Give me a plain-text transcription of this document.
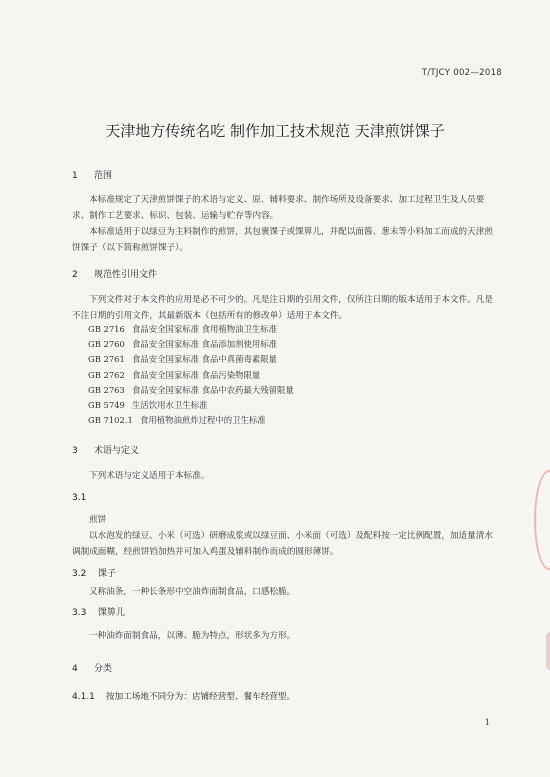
T/TJCY 002—2018
天津地方传统名吃 制作加工技术规范 天津煎饼馃子
1 范围
本标准规定了天津煎饼馃子的术语与定义、原、辅料要求、制作场所及设备要求、加工过程卫生及人员要求、制作工艺要求、标识、包装、运输与贮存等内容。
本标准适用于以绿豆为主料制作的煎饼，其包裹馃子或馃箅儿，并配以面酱、葱末等小料加工而成的天津煎饼馃子（以下简称煎饼馃子）。
2 规范性引用文件
下列文件对于本文件的应用是必不可少的。凡是注日期的引用文件，仅所注日期的版本适用于本文件。凡是不注日期的引用文件，其最新版本（包括所有的修改单）适用于本文件。
GB 2716 食品安全国家标准 食用植物油卫生标准
GB 2760 食品安全国家标准 食品添加剂使用标准
GB 2761 食品安全国家标准 食品中真菌毒素限量
GB 2762 食品安全国家标准 食品污染物限量
GB 2763 食品安全国家标准 食品中农药最大残留限量
GB 5749 生活饮用水卫生标准
GB 7102.1 食用植物油煎炸过程中的卫生标准
3 术语与定义
下列术语与定义适用于本标准。
3.1
煎饼
以水泡发的绿豆、小米（可选）研磨成浆或以绿豆面、小米面（可选）及配料按一定比例配置，加适量清水调制成面糊，经煎饼铛加热并可加入鸡蛋及辅料制作而成的圆形薄饼。
3.2 馃子
又称油条，一种长条形中空油炸面制食品，口感松脆。
3.3 馃箅儿
一种油炸面制食品，以薄、脆为特点，形状多为方形。
4 分类
4.1.1 按加工场地不同分为：店铺经营型、餐车经营型。
1
